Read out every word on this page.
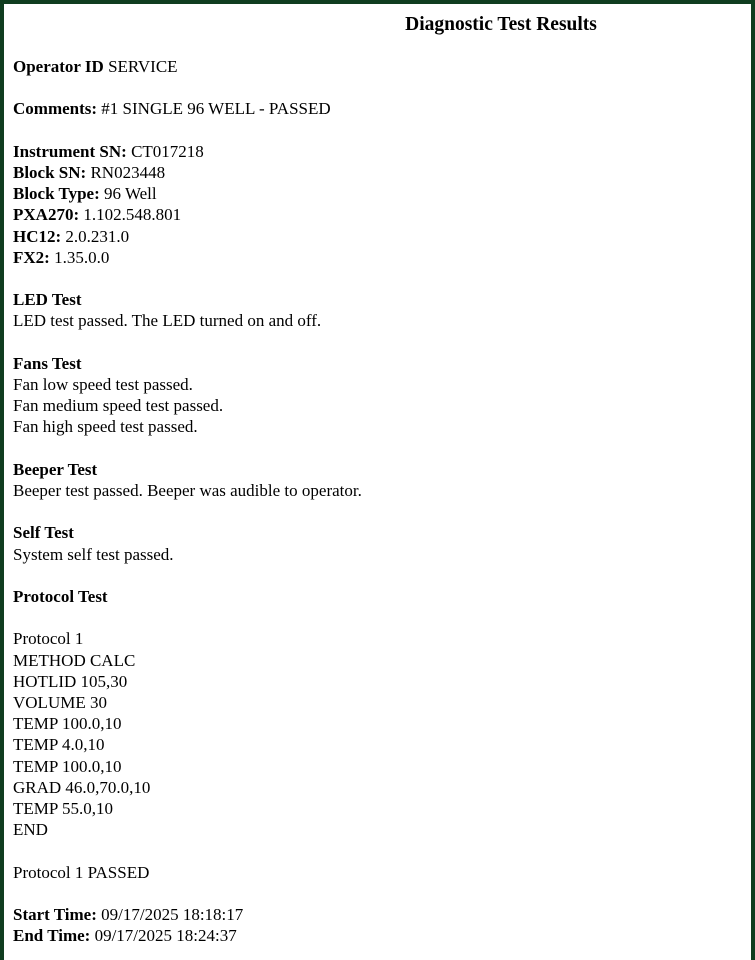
Diagnostic Test Results
Operator ID SERVICE
Comments: #1 SINGLE 96 WELL - PASSED
Instrument SN: CT017218
Block SN: RN023448
Block Type: 96 Well
PXA270: 1.102.548.801
HC12: 2.0.231.0
FX2: 1.35.0.0
LED Test
LED test passed. The LED turned on and off.
Fans Test
Fan low speed test passed.
Fan medium speed test passed.
Fan high speed test passed.
Beeper Test
Beeper test passed. Beeper was audible to operator.
Self Test
System self test passed.
Protocol Test
Protocol 1
METHOD CALC
HOTLID 105,30
VOLUME 30
TEMP 100.0,10
TEMP 4.0,10
TEMP 100.0,10
GRAD 46.0,70.0,10
TEMP 55.0,10
END
Protocol 1 PASSED
Start Time: 09/17/2025 18:18:17
End Time: 09/17/2025 18:24:37
